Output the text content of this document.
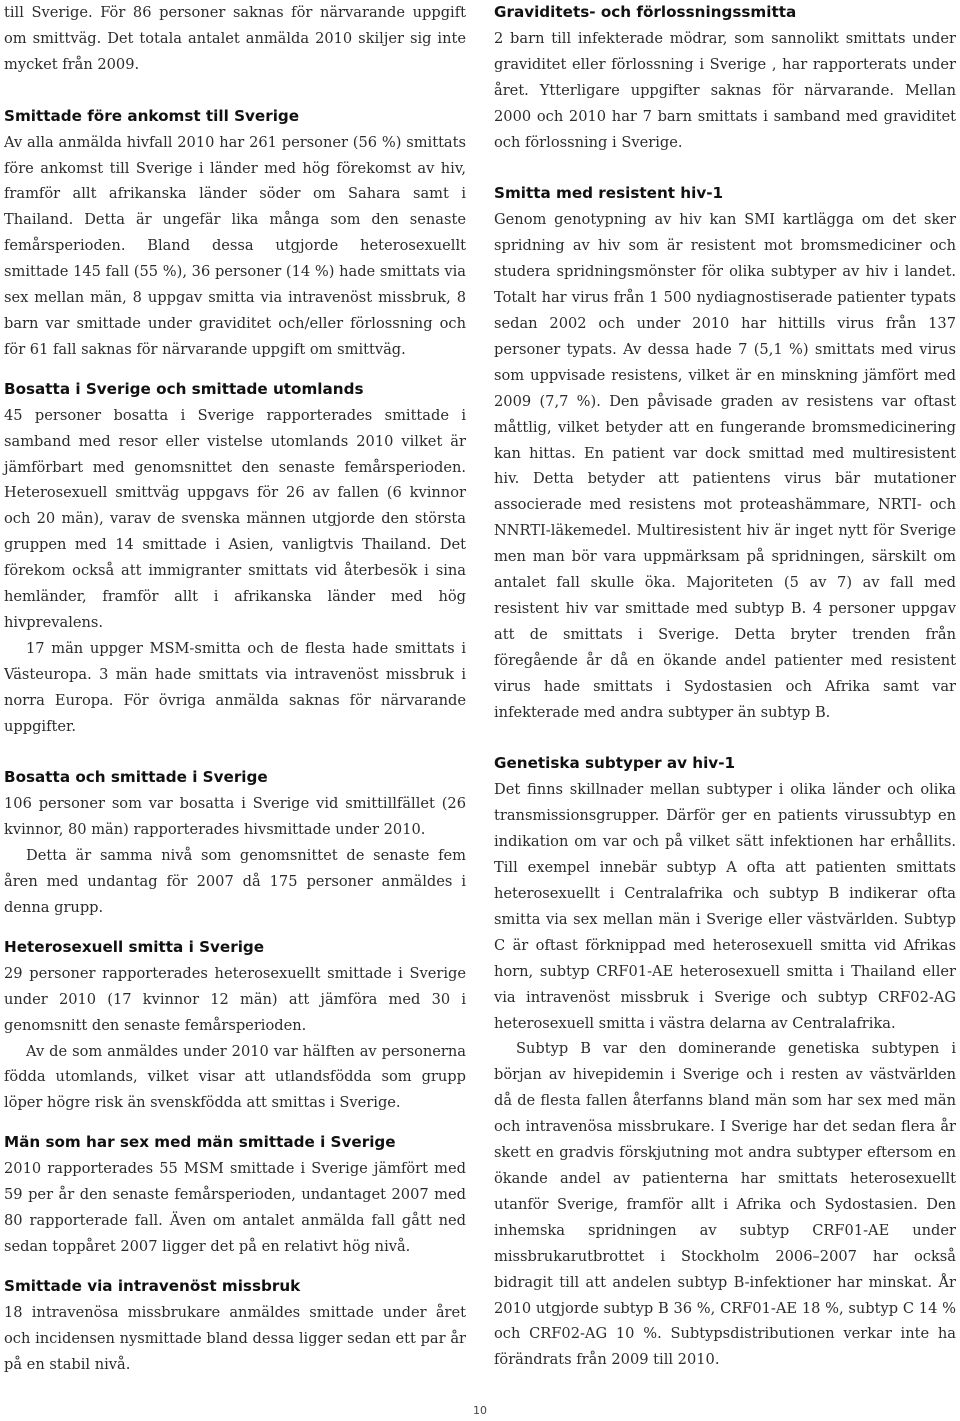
till Sverige. För 86 personer saknas för närvarande uppgift om smittväg. Det totala antalet anmälda 2010 skiljer sig inte mycket från 2009.

Smittade före ankomst till Sverige

Av alla anmälda hivfall 2010 har 261 personer (56 %) smittats före ankomst till Sverige i länder med hög förekomst av hiv, framför allt afrikanska länder söder om Sahara samt i Thailand. Detta är ungefär lika många som den senaste femårsperioden. Bland dessa utgjorde heterosexuellt smittade 145 fall (55 %), 36 personer (14 %) hade smittats via sex mellan män, 8 uppgav smitta via intravenöst missbruk, 8 barn var smittade under graviditet och/eller förlossning och för 61 fall saknas för närvarande uppgift om smittväg.

Bosatta i Sverige och smittade utomlands

45 personer bosatta i Sverige rapporterades smittade i samband med resor eller vistelse utomlands 2010 vilket är jämförbart med genomsnittet den senaste femårsperioden. Heterosexuell smittväg uppgavs för 26 av fallen (6 kvinnor och 20 män), varav de svenska männen utgjorde den största gruppen med 14 smittade i Asien, vanligtvis Thailand. Det förekom också att immigranter smittats vid återbesök i sina hemländer, framför allt i afrikanska länder med hög hivprevalens.

17 män uppger MSM-smitta och de flesta hade smittats i Västeuropa. 3 män hade smittats via intravenöst missbruk i norra Europa. För övriga anmälda saknas för närvarande uppgifter.

Bosatta och smittade i Sverige

106 personer som var bosatta i Sverige vid smittillfället (26 kvinnor, 80 män) rapporterades hivsmittade under 2010.

Detta är samma nivå som genomsnittet de senaste fem åren med undantag för 2007 då 175 personer anmäldes i denna grupp.

Heterosexuell smitta i Sverige

29 personer rapporterades heterosexuellt smittade i Sverige under 2010 (17 kvinnor 12 män) att jämföra med 30 i genomsnitt den senaste femårsperioden.

Av de som anmäldes under 2010 var hälften av personerna födda utomlands, vilket visar att utlandsfödda som grupp löper högre risk än svenskfödda att smittas i Sverige.

Män som har sex med män smittade i Sverige

2010 rapporterades 55 MSM smittade i Sverige jämfört med 59 per år den senaste femårsperioden, undantaget 2007 med 80 rapporterade fall. Även om antalet anmälda fall gått ned sedan toppåret 2007 ligger det på en relativt hög nivå.

Smittade via intravenöst missbruk

18 intravenösa missbrukare anmäldes smittade under året och incidensen nysmittade bland dessa ligger sedan ett par år på en stabil nivå.

Graviditets- och förlossningssmitta

2 barn till infekterade mödrar, som sannolikt smittats under graviditet eller förlossning i Sverige , har rapporterats under året. Ytterligare uppgifter saknas för närvarande. Mellan 2000 och 2010 har 7 barn smittats i samband med graviditet och förlossning i Sverige.

Smitta med resistent hiv-1

Genom genotypning av hiv kan SMI kartlägga om det sker spridning av hiv som är resistent mot bromsmediciner och studera spridningsmönster för olika subtyper av hiv i landet. Totalt har virus från 1 500 nydiagnostiserade patienter typats sedan 2002 och under 2010 har hittills virus från 137 personer typats. Av dessa hade 7 (5,1 %) smittats med virus som uppvisade resistens, vilket är en minskning jämfört med 2009 (7,7 %). Den påvisade graden av resistens var oftast måttlig, vilket betyder att en fungerande bromsmedicinering kan hittas. En patient var dock smittad med multiresistent hiv. Detta betyder att patientens virus bär mutationer associerade med resistens mot proteashämmare, NRTI- och NNRTI-läkemedel. Multiresistent hiv är inget nytt för Sverige men man bör vara uppmärksam på spridningen, särskilt om antalet fall skulle öka. Majoriteten (5 av 7) av fall med resistent hiv var smittade med subtyp B. 4 personer uppgav att de smittats i Sverige. Detta bryter trenden från föregående år då en ökande andel patienter med resistent virus hade smittats i Sydostasien och Afrika samt var infekterade med andra subtyper än subtyp B.

Genetiska subtyper av hiv-1

Det finns skillnader mellan subtyper i olika länder och olika transmissionsgrupper. Därför ger en patients virussubtyp en indikation om var och på vilket sätt infektionen har erhållits. Till exempel innebär subtyp A ofta att patienten smittats heterosexuellt i Centralafrika och subtyp B indikerar ofta smitta via sex mellan män i Sverige eller västvärlden. Subtyp C är oftast förknippad med heterosexuell smitta vid Afrikas horn, subtyp CRF01-AE heterosexuell smitta i Thailand eller via intravenöst missbruk i Sverige och subtyp CRF02-AG heterosexuell smitta i västra delarna av Centralafrika.

Subtyp B var den dominerande genetiska subtypen i början av hivepidemin i Sverige och i resten av västvärlden då de flesta fallen återfanns bland män som har sex med män och intravenösa missbrukare. I Sverige har det sedan flera år skett en gradvis förskjutning mot andra subtyper eftersom en ökande andel av patienterna har smittats heterosexuellt utanför Sverige, framför allt i Afrika och Sydostasien. Den inhemska spridningen av subtyp CRF01-AE under missbrukarutbrottet i Stockholm 2006–2007 har också bidragit till att andelen subtyp B-infektioner har minskat. År 2010 utgjorde subtyp B 36 %, CRF01-AE 18 %, subtyp C 14 % och CRF02-AG 10 %. Subtypsdistributionen verkar inte ha förändrats från 2009 till 2010.

10
